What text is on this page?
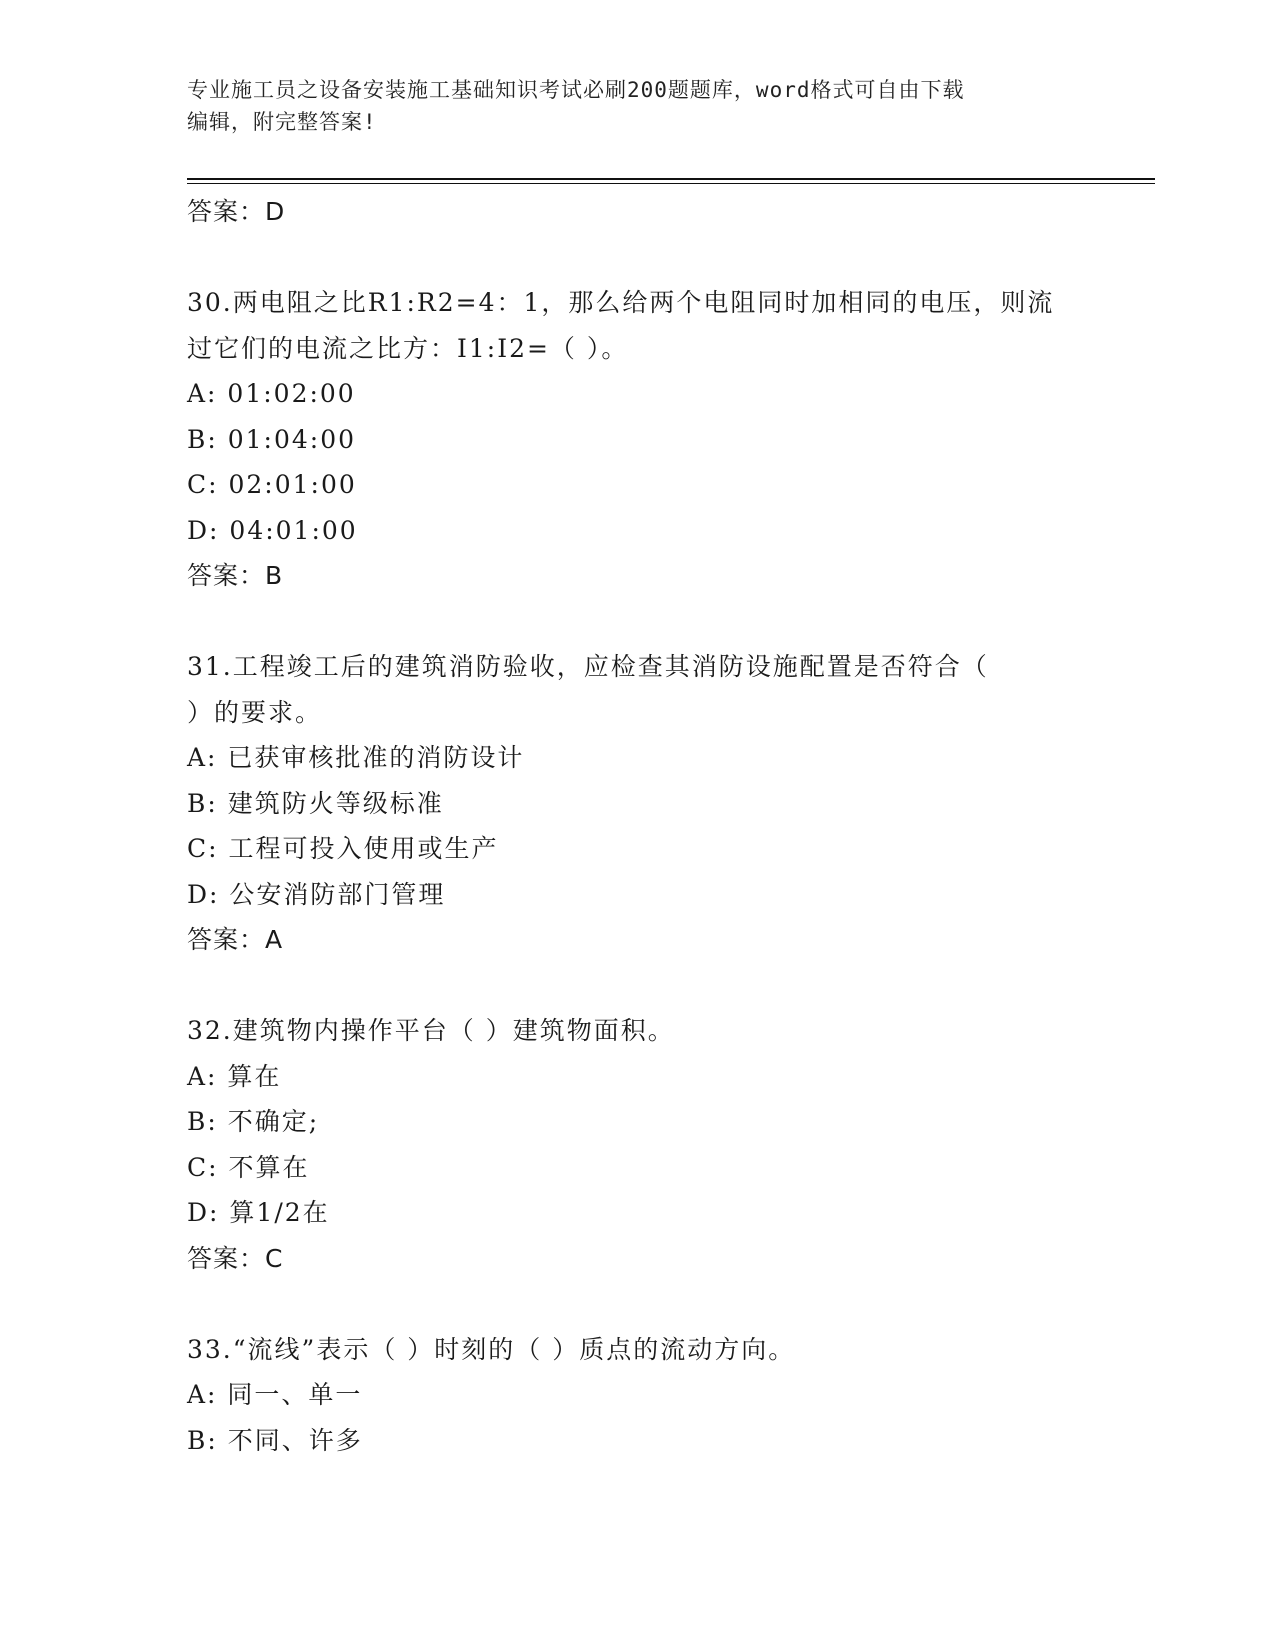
专业施工员之设备安装施工基础知识考试必刷200题题库，word格式可自由下载
编辑，附完整答案!
答案：D
30.两电阻之比R1:R2=4：1，那么给两个电阻同时加相同的电压，则流
过它们的电流之比方：I1:I2=（ ）。
A: 01:02:00
B: 01:04:00
C: 02:01:00
D: 04:01:00
答案：B
31.工程竣工后的建筑消防验收，应检查其消防设施配置是否符合（
）的要求。
A: 已获审核批准的消防设计
B: 建筑防火等级标准
C: 工程可投入使用或生产
D: 公安消防部门管理
答案：A
32.建筑物内操作平台（ ）建筑物面积。
A: 算在
B: 不确定;
C: 不算在
D: 算1/2在
答案：C
33.“流线”表示（ ）时刻的（ ）质点的流动方向。
A: 同一、单一
B: 不同、许多
